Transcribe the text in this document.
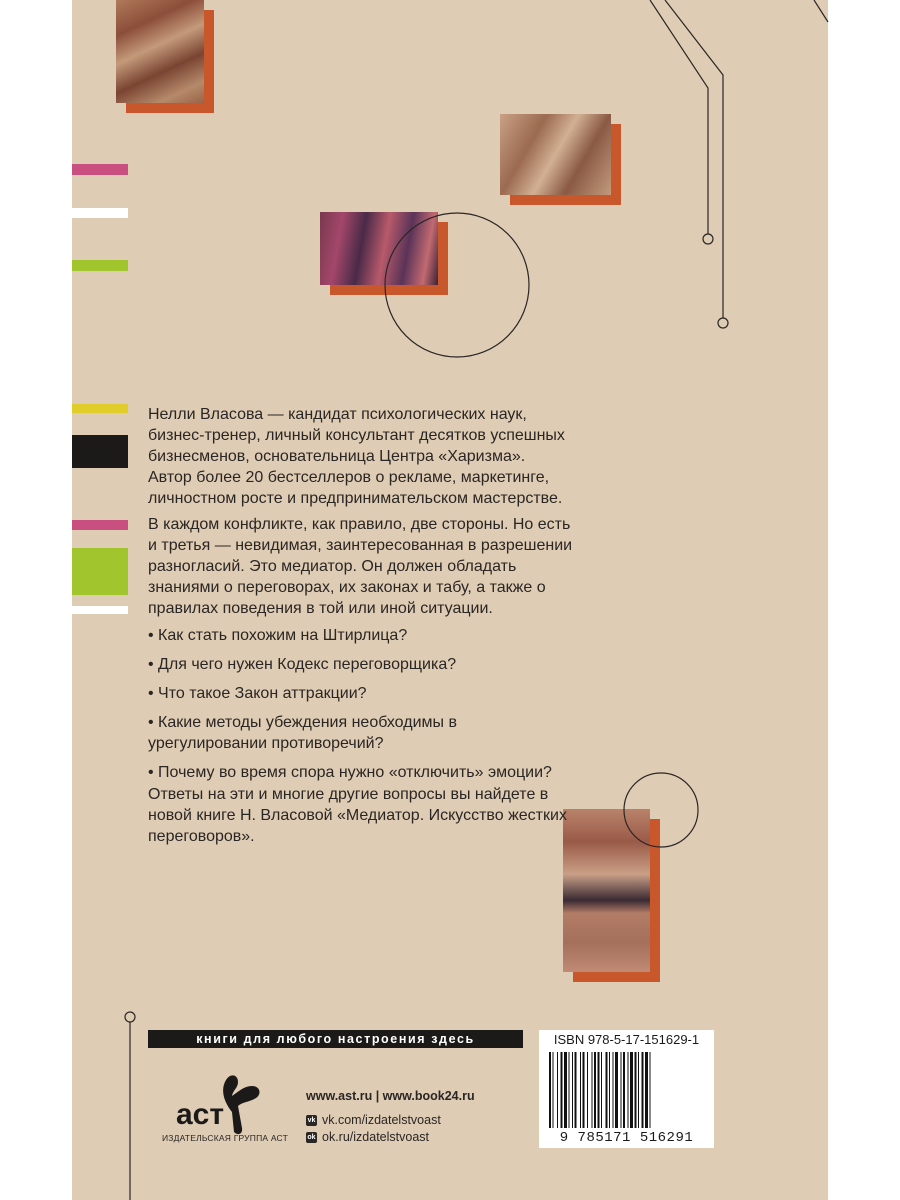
Нелли Власова — кандидат психологических наук, бизнес-тренер, личный консультант десятков успешных бизнесменов, основательница Центра «Харизма». Автор более 20 бестселлеров о рекламе, маркетинге, личностном росте и предпринимательском мастерстве.

В каждом конфликте, как правило, две стороны. Но есть и третья — невидимая, заинтересованная в разрешении разногласий. Это медиатор. Он должен обладать знаниями о переговорах, их законах и табу, а также о правилах поведения в той или иной ситуации.

• Как стать похожим на Штирлица?

• Для чего нужен Кодекс переговорщика?

• Что такое Закон аттракции?

• Какие методы убеждения необходимы в урегулировании противоречий?

• Почему во время спора нужно «отключить» эмоции?

Ответы на эти и многие другие вопросы вы найдете в новой книге Н. Власовой «Медиатор. Искусство жестких переговоров».

книги для любого настроения здесь
аст
ИЗДАТЕЛЬСКАЯ ГРУППА АСТ
www.ast.ru | www.book24.ru
vk vk.com/izdatelstvoast
ok ok.ru/izdatelstvoast
ISBN 978-5-17-151629-1
9 785171 516291
